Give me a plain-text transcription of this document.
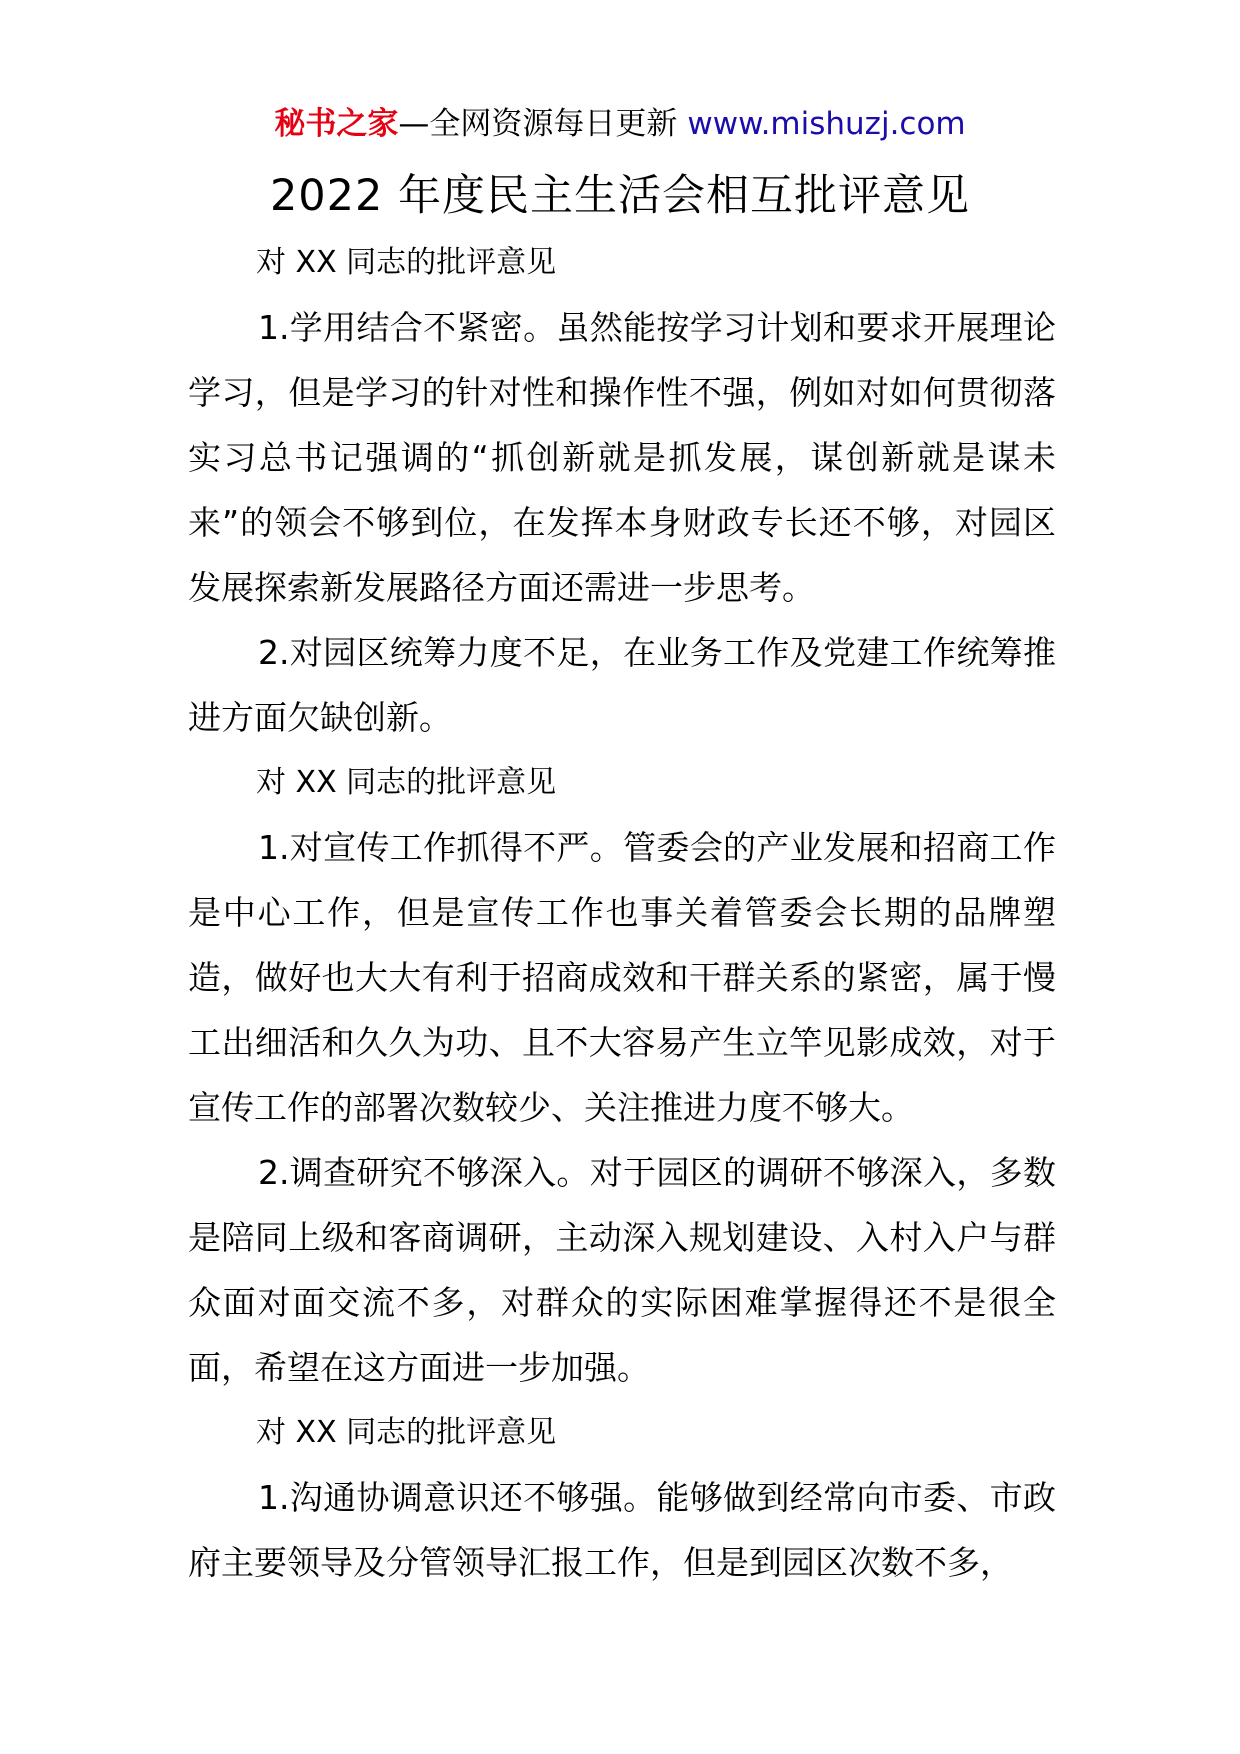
秘书之家—全网资源每日更新 www.mishuzj.com
2022 年度民主生活会相互批评意见

对 XX 同志的批评意见

1.学用结合不紧密。虽然能按学习计划和要求开展理论学习，但是学习的针对性和操作性不强，例如对如何贯彻落实习总书记强调的“抓创新就是抓发展，谋创新就是谋未来”的领会不够到位，在发挥本身财政专长还不够，对园区发展探索新发展路径方面还需进一步思考。

2.对园区统筹力度不足，在业务工作及党建工作统筹推进方面欠缺创新。

对 XX 同志的批评意见

1.对宣传工作抓得不严。管委会的产业发展和招商工作是中心工作，但是宣传工作也事关着管委会长期的品牌塑造，做好也大大有利于招商成效和干群关系的紧密，属于慢工出细活和久久为功、且不大容易产生立竿见影成效，对于宣传工作的部署次数较少、关注推进力度不够大。

2.调查研究不够深入。对于园区的调研不够深入，多数是陪同上级和客商调研，主动深入规划建设、入村入户与群众面对面交流不多，对群众的实际困难掌握得还不是很全面，希望在这方面进一步加强。

对 XX 同志的批评意见

1.沟通协调意识还不够强。能够做到经常向市委、市政府主要领导及分管领导汇报工作，但是到园区次数不多，
